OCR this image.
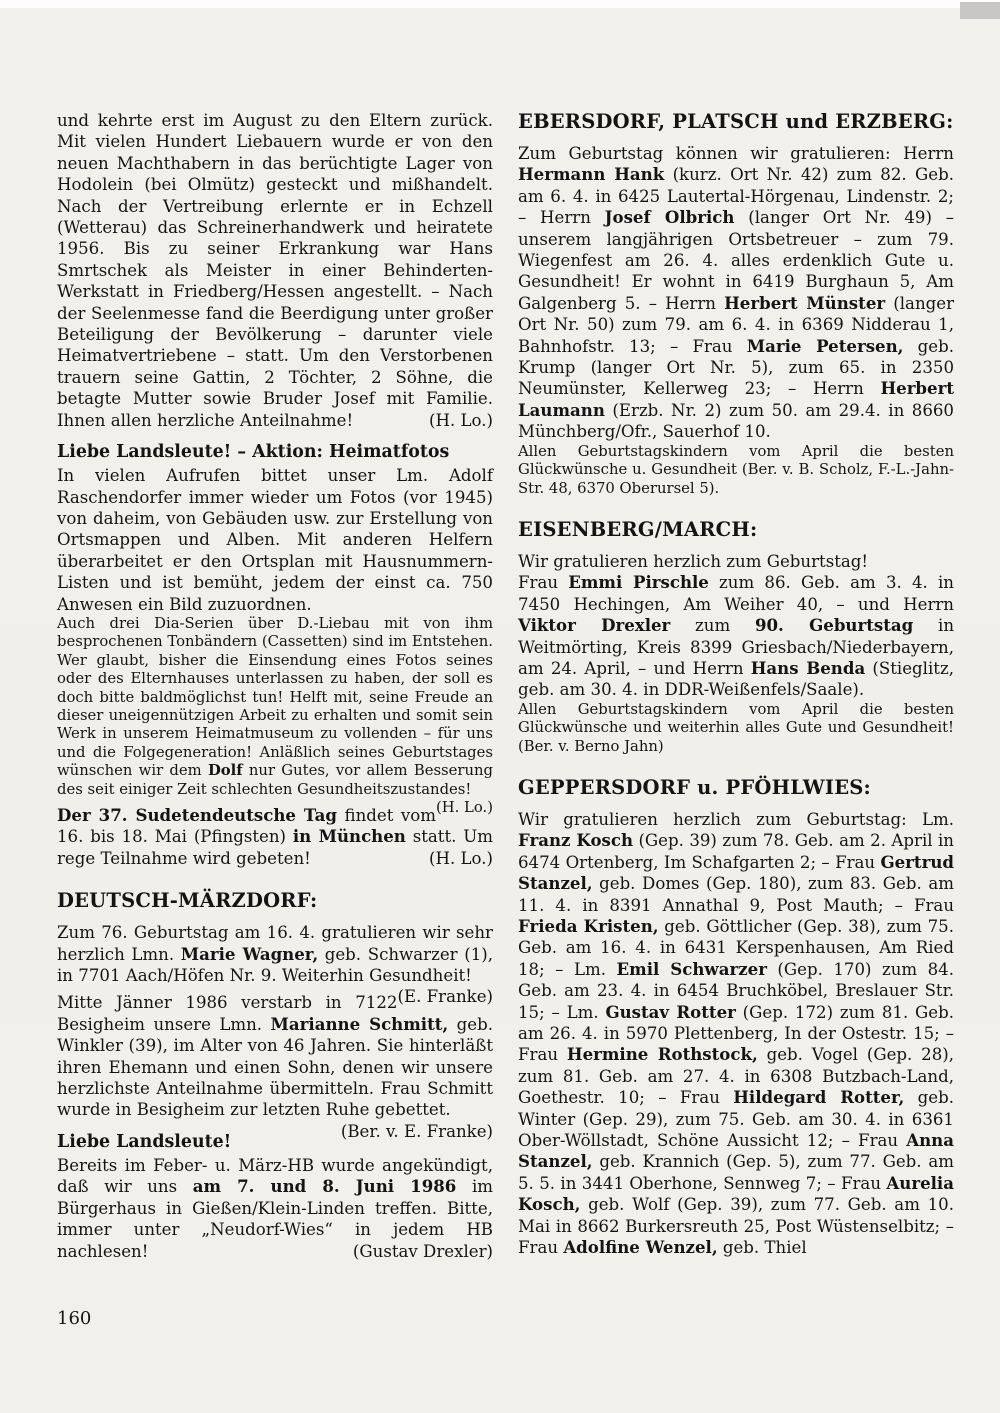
und kehrte erst im August zu den Eltern zurück. Mit vielen Hundert Liebauern wurde er von den neuen Machthabern in das berüchtigte Lager von Hodolein (bei Olmütz) gesteckt und mißhandelt. Nach der Vertreibung erlernte er in Echzell (Wetterau) das Schreinerhandwerk und heiratete 1956. Bis zu seiner Erkrankung war Hans Smrtschek als Meister in einer Behinderten-Werkstatt in Friedberg/Hessen angestellt. – Nach der Seelenmesse fand die Beerdigung unter großer Beteiligung der Bevölkerung – darunter viele Heimatvertriebene – statt. Um den Verstorbenen trauern seine Gattin, 2 Töchter, 2 Söhne, die betagte Mutter sowie Bruder Josef mit Familie. Ihnen allen herzliche Anteilnahme!	(H. Lo.)

Liebe Landsleute! – Aktion: Heimatfotos

In vielen Aufrufen bittet unser Lm. Adolf Raschendorfer immer wieder um Fotos (vor 1945) von daheim, von Gebäuden usw. zur Erstellung von Ortsmappen und Alben. Mit anderen Helfern überarbeitet er den Ortsplan mit Hausnummern-Listen und ist bemüht, jedem der einst ca. 750 Anwesen ein Bild zuzuordnen.

Auch drei Dia-Serien über D.-Liebau mit von ihm besprochenen Tonbändern (Cassetten) sind im Entstehen. Wer glaubt, bisher die Einsendung eines Fotos seines oder des Elternhauses unterlassen zu haben, der soll es doch bitte baldmöglichst tun! Helft mit, seine Freude an dieser uneigennützigen Arbeit zu erhalten und somit sein Werk in unserem Heimatmuseum zu vollenden – für uns und die Folgegeneration! Anläßlich seines Geburtstages wünschen wir dem Dolf nur Gutes, vor allem Besserung des seit einiger Zeit schlechten Gesundheitszustandes!
(H. Lo.)

Der 37. Sudetendeutsche Tag findet vom 16. bis 18. Mai (Pfingsten) in München statt. Um rege Teilnahme wird gebeten!	(H. Lo.)

DEUTSCH-MÄRZDORF:

Zum 76. Geburtstag am 16. 4. gratulieren wir sehr herzlich Lmn. Marie Wagner, geb. Schwarzer (1), in 7701 Aach/Höfen Nr. 9. Weiterhin Gesundheit!
(E. Franke)

Mitte Jänner 1986 verstarb in 7122 Besigheim unsere Lmn. Marianne Schmitt, geb. Winkler (39), im Alter von 46 Jahren. Sie hinterläßt ihren Ehemann und einen Sohn, denen wir unsere herzlichste Anteilnahme übermitteln. Frau Schmitt wurde in Besigheim zur letzten Ruhe gebettet.
(Ber. v. E. Franke)

Liebe Landsleute!

Bereits im Feber- u. März-HB wurde angekündigt, daß wir uns am 7. und 8. Juni 1986 im Bürgerhaus in Gießen/Klein-Linden treffen. Bitte, immer unter „Neudorf-Wies“ in jedem HB nachlesen!	(Gustav Drexler)

EBERSDORF, PLATSCH und ERZBERG:

Zum Geburtstag können wir gratulieren: Herrn Hermann Hank (kurz. Ort Nr. 42) zum 82. Geb. am 6. 4. in 6425 Lautertal-Hörgenau, Lindenstr. 2; – Herrn Josef Olbrich (langer Ort Nr. 49) – unserem langjährigen Ortsbetreuer – zum 79. Wiegenfest am 26. 4. alles erdenklich Gute u. Gesundheit! Er wohnt in 6419 Burghaun 5, Am Galgenberg 5. – Herrn Herbert Münster (langer Ort Nr. 50) zum 79. am 6. 4. in 6369 Nidderau 1, Bahnhofstr. 13; – Frau Marie Petersen, geb. Krump (langer Ort Nr. 5), zum 65. in 2350 Neumünster, Kellerweg 23; – Herrn Herbert Laumann (Erzb. Nr. 2) zum 50. am 29.4. in 8660 Münchberg/Ofr., Sauerhof 10.

Allen Geburtstagskindern vom April die besten Glückwünsche u. Gesundheit (Ber. v. B. Scholz, F.-L.-Jahn-Str. 48, 6370 Oberursel 5).

EISENBERG/MARCH:

Wir gratulieren herzlich zum Geburtstag!

Frau Emmi Pirschle zum 86. Geb. am 3. 4. in 7450 Hechingen, Am Weiher 40, – und Herrn Viktor Drexler zum 90. Geburtstag in Weitmörting, Kreis 8399 Griesbach/Niederbayern, am 24. April, – und Herrn Hans Benda (Stieglitz, geb. am 30. 4. in DDR-Weißenfels/Saale).

Allen Geburtstagskindern vom April die besten Glückwünsche und weiterhin alles Gute und Gesundheit! (Ber. v. Berno Jahn)

GEPPERSDORF u. PFÖHLWIES:

Wir gratulieren herzlich zum Geburtstag: Lm. Franz Kosch (Gep. 39) zum 78. Geb. am 2. April in 6474 Ortenberg, Im Schafgarten 2; – Frau Gertrud Stanzel, geb. Domes (Gep. 180), zum 83. Geb. am 11. 4. in 8391 Annathal 9, Post Mauth; – Frau Frieda Kristen, geb. Göttlicher (Gep. 38), zum 75. Geb. am 16. 4. in 6431 Kerspenhausen, Am Ried 18; – Lm. Emil Schwarzer (Gep. 170) zum 84. Geb. am 23. 4. in 6454 Bruchköbel, Breslauer Str. 15; – Lm. Gustav Rotter (Gep. 172) zum 81. Geb. am 26. 4. in 5970 Plettenberg, In der Ostestr. 15; – Frau Hermine Rothstock, geb. Vogel (Gep. 28), zum 81. Geb. am 27. 4. in 6308 Butzbach-Land, Goethestr. 10; – Frau Hildegard Rotter, geb. Winter (Gep. 29), zum 75. Geb. am 30. 4. in 6361 Ober-Wöllstadt, Schöne Aussicht 12; – Frau Anna Stanzel, geb. Krannich (Gep. 5), zum 77. Geb. am 5. 5. in 3441 Oberhone, Sennweg 7; – Frau Aurelia Kosch, geb. Wolf (Gep. 39), zum 77. Geb. am 10. Mai in 8662 Burkersreuth 25, Post Wüstenselbitz; – Frau Adolfine Wenzel, geb. Thiel

160
